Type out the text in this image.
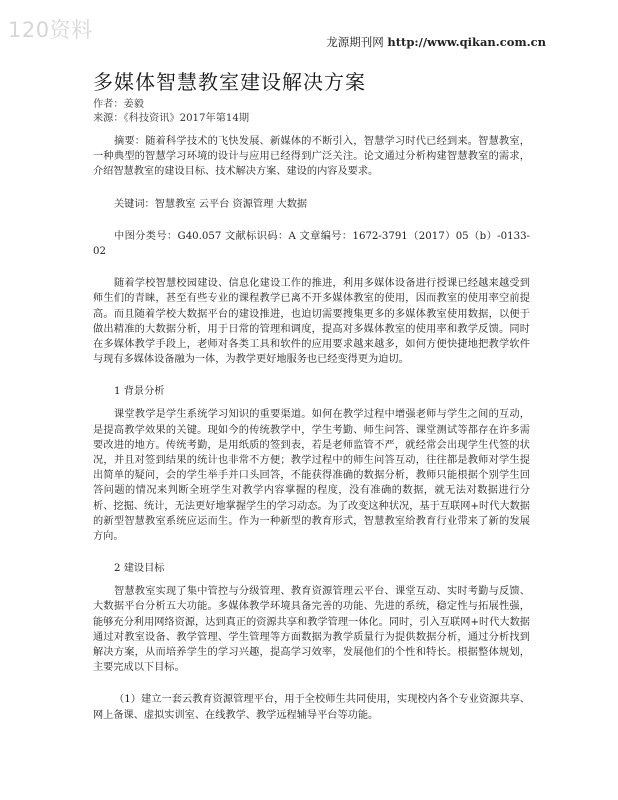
120资料	龙源期刊网 http://www.qikan.com.cn
多媒体智慧教室建设解决方案
作者：姜毅
来源：《科技资讯》2017年第14期

摘要：随着科学技术的飞快发展、新媒体的不断引入，智慧学习时代已经到来。智慧教室，一种典型的智慧学习环境的设计与应用已经得到广泛关注。论文通过分析构建智慧教室的需求，介绍智慧教室的建设目标、技术解决方案、建设的内容及要求。

关键词：智慧教室 云平台 资源管理 大数据

中图分类号：G40.057 文献标识码：A 文章编号：1672-3791（2017）05（b）-0133-02

随着学校智慧校园建设、信息化建设工作的推进，利用多媒体设备进行授课已经越来越受到师生们的青睐，甚至有些专业的课程教学已离不开多媒体教室的使用，因而教室的使用率空前提高。而且随着学校大数据平台的建设推进，也迫切需要搜集更多的多媒体教室使用数据，以便于做出精准的大数据分析，用于日常的管理和调度，提高对多媒体教室的使用率和教学反馈。同时在多媒体教学手段上，老师对各类工具和软件的应用要求越来越多，如何方便快捷地把教学软件与现有多媒体设备融为一体，为教学更好地服务也已经变得更为迫切。

1 背景分析

课堂教学是学生系统学习知识的重要渠道。如何在教学过程中增强老师与学生之间的互动，是提高教学效果的关键。现如今的传统教学中，学生考勤、师生问答、课堂测试等都存在许多需要改进的地方。传统考勤，是用纸质的签到表，若是老师监管不严，就经常会出现学生代签的状况，并且对签到结果的统计也非常不方便；教学过程中的师生问答互动，往往都是教师对学生提出简单的疑问，会的学生举手并口头回答，不能获得准确的数据分析，教师只能根据个别学生回答问题的情况来判断全班学生对教学内容掌握的程度，没有准确的数据，就无法对数据进行分析、挖掘、统计，无法更好地掌握学生的学习动态。为了改变这种状况，基于互联网+时代大数据的新型智慧教室系统应运而生。作为一种新型的教育形式，智慧教室给教育行业带来了新的发展方向。

2 建设目标

智慧教室实现了集中管控与分级管理、教育资源管理云平台、课堂互动、实时考勤与反馈、大数据平台分析五大功能。多媒体教学环境具备完善的功能、先进的系统，稳定性与拓展性强，能够充分利用网络资源，达到真正的资源共享和教学管理一体化。同时，引入互联网+时代大数据通过对教室设备、教学管理、学生管理等方面数据为教学质量行为提供数据分析，通过分析找到解决方案，从而培养学生的学习兴趣，提高学习效率，发展他们的个性和特长。根据整体规划，主要完成以下目标。

（1）建立一套云教育资源管理平台，用于全校师生共同使用，实现校内各个专业资源共享、网上备课、虚拟实训室、在线教学、教学远程辅导平台等功能。
